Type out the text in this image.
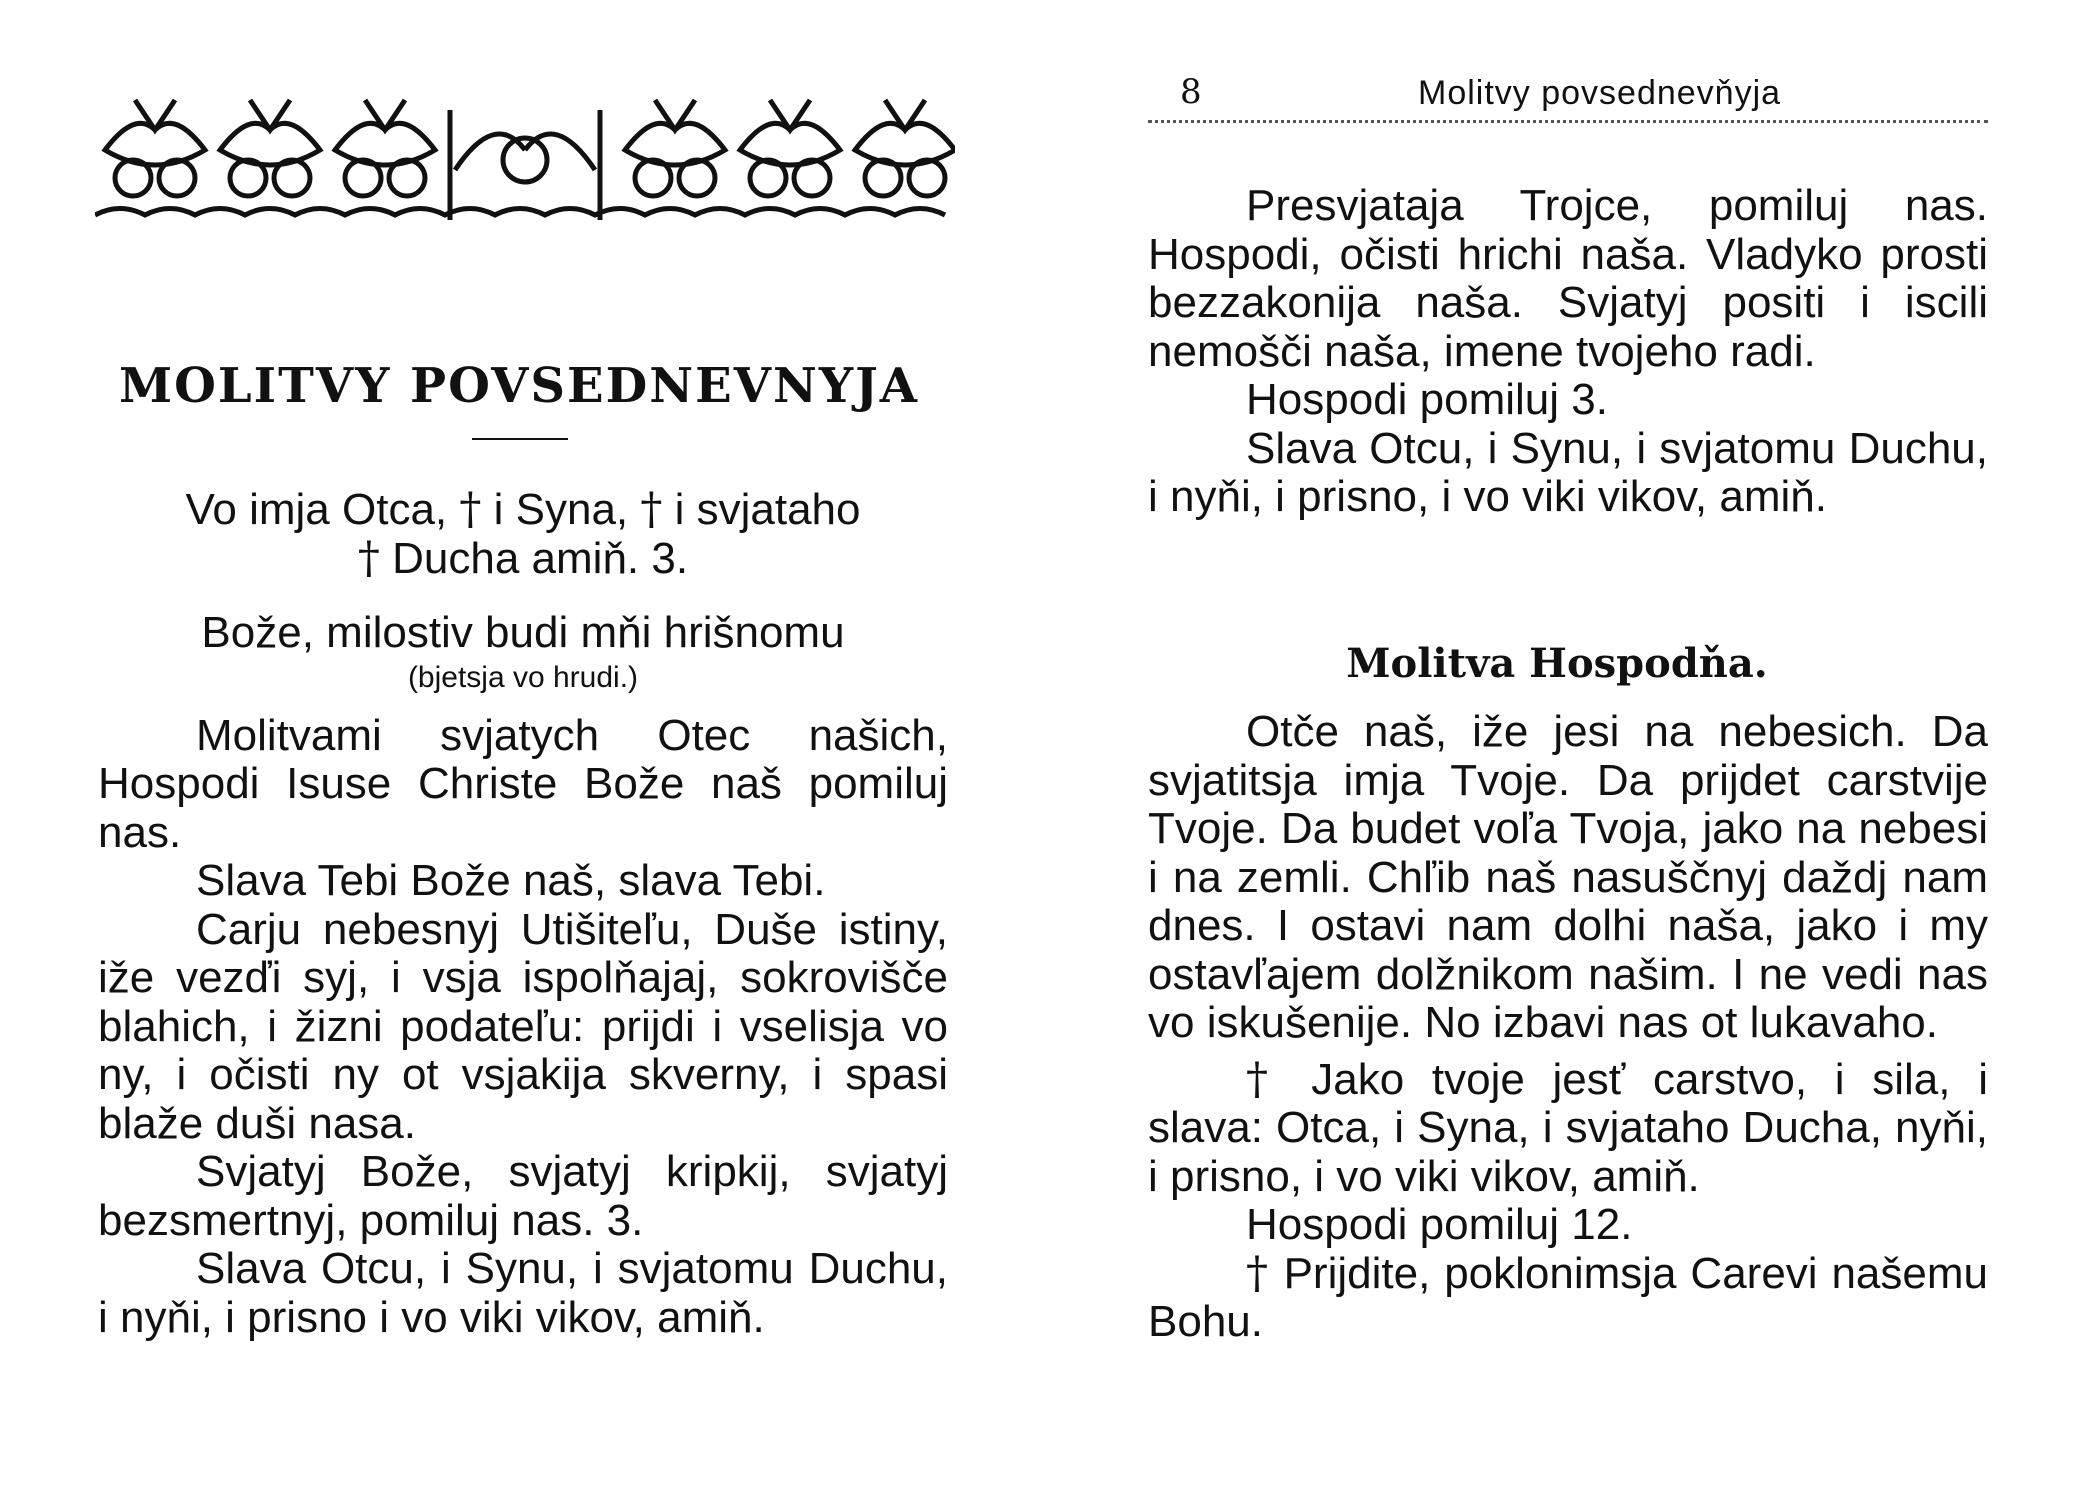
MOLITVY POVSEDNEVNYJA

Vo imja Otca, † i Syna, † i svjataho
† Ducha amiň. 3.

Bože, milostiv budi mňi hrišnomu

(bjetsja vo hrudi.)

Molitvami svjatych Otec našich, Hospodi Isuse Christe Bože naš pomiluj nas.

Slava Tebi Bože naš, slava Tebi.

Carju nebesnyj Utišiteľu, Duše istiny, iže vezďi syj, i vsja ispolňajaj, sokrovišče blahich, i žizni podateľu: prijdi i vselisja vo ny, i očisti ny ot vsjakija skverny, i spasi blaže duši nasa.

Svjatyj Bože, svjatyj kripkij, svjatyj bezsmertnyj, pomiluj nas. 3.

Slava Otcu, i Synu, i svjatomu Duchu, i nyňi, i prisno i vo viki vikov, amiň.

8	Molitvy povsednevňyja

Presvjataja Trojce, pomiluj nas. Hospodi, očisti hrichi naša. Vladyko prosti bezzakonija naša. Svjatyj positi i iscili nemošči naša, imene tvojeho radi.

Hospodi pomiluj 3.

Slava Otcu, i Synu, i svjatomu Duchu, i nyňi, i prisno, i vo viki vikov, amiň.

Molitva Hospodňa.

Otče naš, iže jesi na nebesich. Da svjatitsja imja Tvoje. Da prijdet carstvije Tvoje. Da budet voľa Tvoja, jako na nebesi i na zemli. Chľib naš nasuščnyj daždj nam dnes. I ostavi nam dolhi naša, jako i my ostavľajem dolžnikom našim. I ne vedi nas vo iskušenije. No izbavi nas ot lukavaho.

† Jako tvoje jesť carstvo, i sila, i slava: Otca, i Syna, i svjataho Ducha, nyňi, i prisno, i vo viki vikov, amiň.

Hospodi pomiluj 12.

† Prijdite, poklonimsja Carevi našemu Bohu.
